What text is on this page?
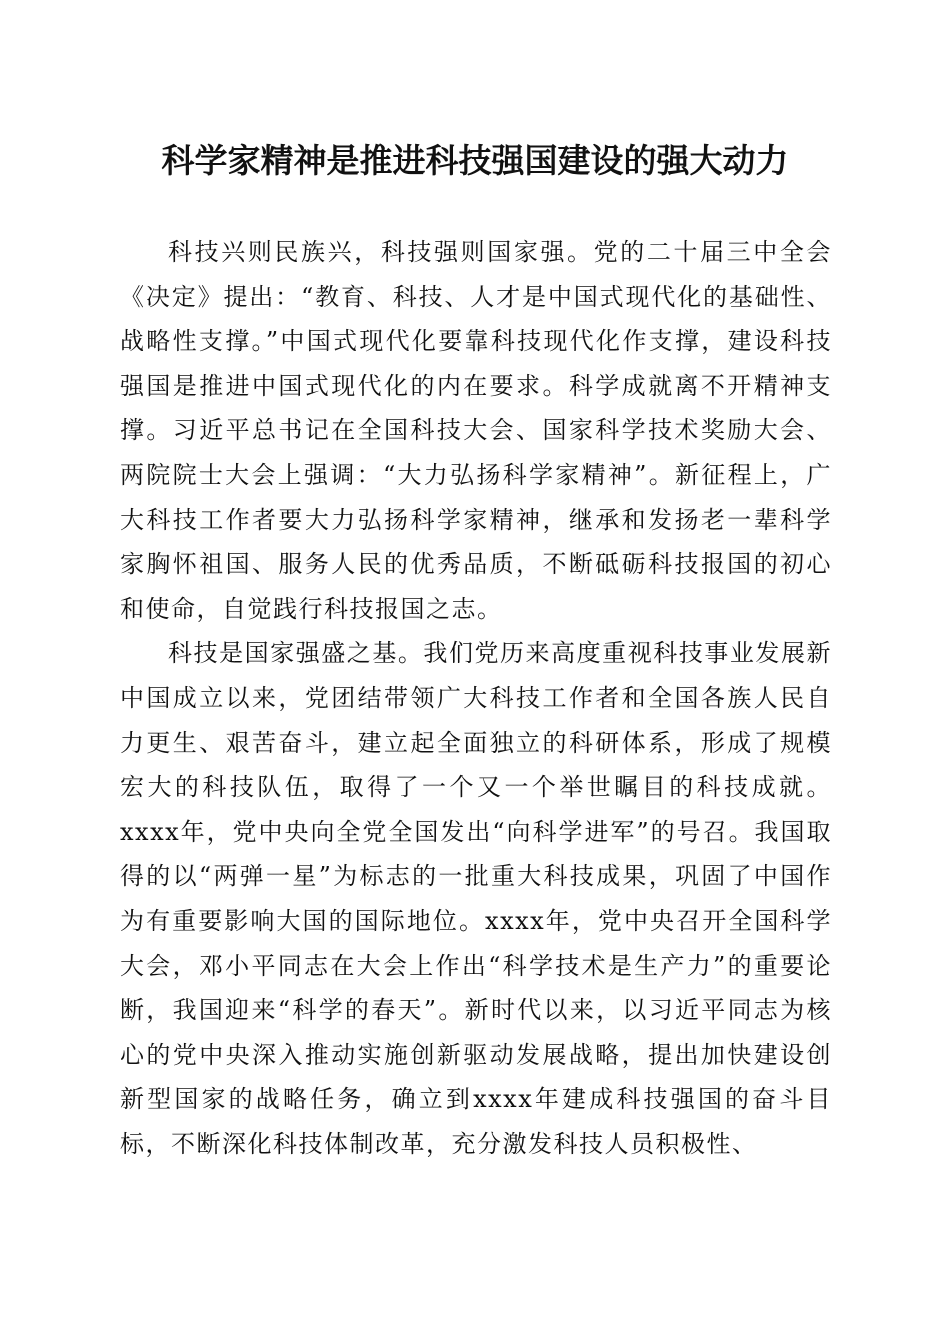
科学家精神是推进科技强国建设的强大动力

科技兴则民族兴，科技强则国家强。党的二十届三中全会《决定》提出：“教育、科技、人才是中国式现代化的基础性、战略性支撑。”中国式现代化要靠科技现代化作支撑，建设科技强国是推进中国式现代化的内在要求。科学成就离不开精神支撑。习近平总书记在全国科技大会、国家科学技术奖励大会、两院院士大会上强调：“大力弘扬科学家精神”。新征程上，广大科技工作者要大力弘扬科学家精神，继承和发扬老一辈科学家胸怀祖国、服务人民的优秀品质，不断砥砺科技报国的初心和使命，自觉践行科技报国之志。

科技是国家强盛之基。我们党历来高度重视科技事业发展新中国成立以来，党团结带领广大科技工作者和全国各族人民自力更生、艰苦奋斗，建立起全面独立的科研体系，形成了规模宏大的科技队伍，取得了一个又一个举世瞩目的科技成就。xxxx年，党中央向全党全国发出“向科学进军”的号召。我国取得的以“两弹一星”为标志的一批重大科技成果，巩固了中国作为有重要影响大国的国际地位。xxxx年，党中央召开全国科学大会，邓小平同志在大会上作出“科学技术是生产力”的重要论断，我国迎来“科学的春天”。新时代以来，以习近平同志为核心的党中央深入推动实施创新驱动发展战略，提出加快建设创新型国家的战略任务，确立到xxxx年建成科技强国的奋斗目标，不断深化科技体制改革，充分激发科技人员积极性、
